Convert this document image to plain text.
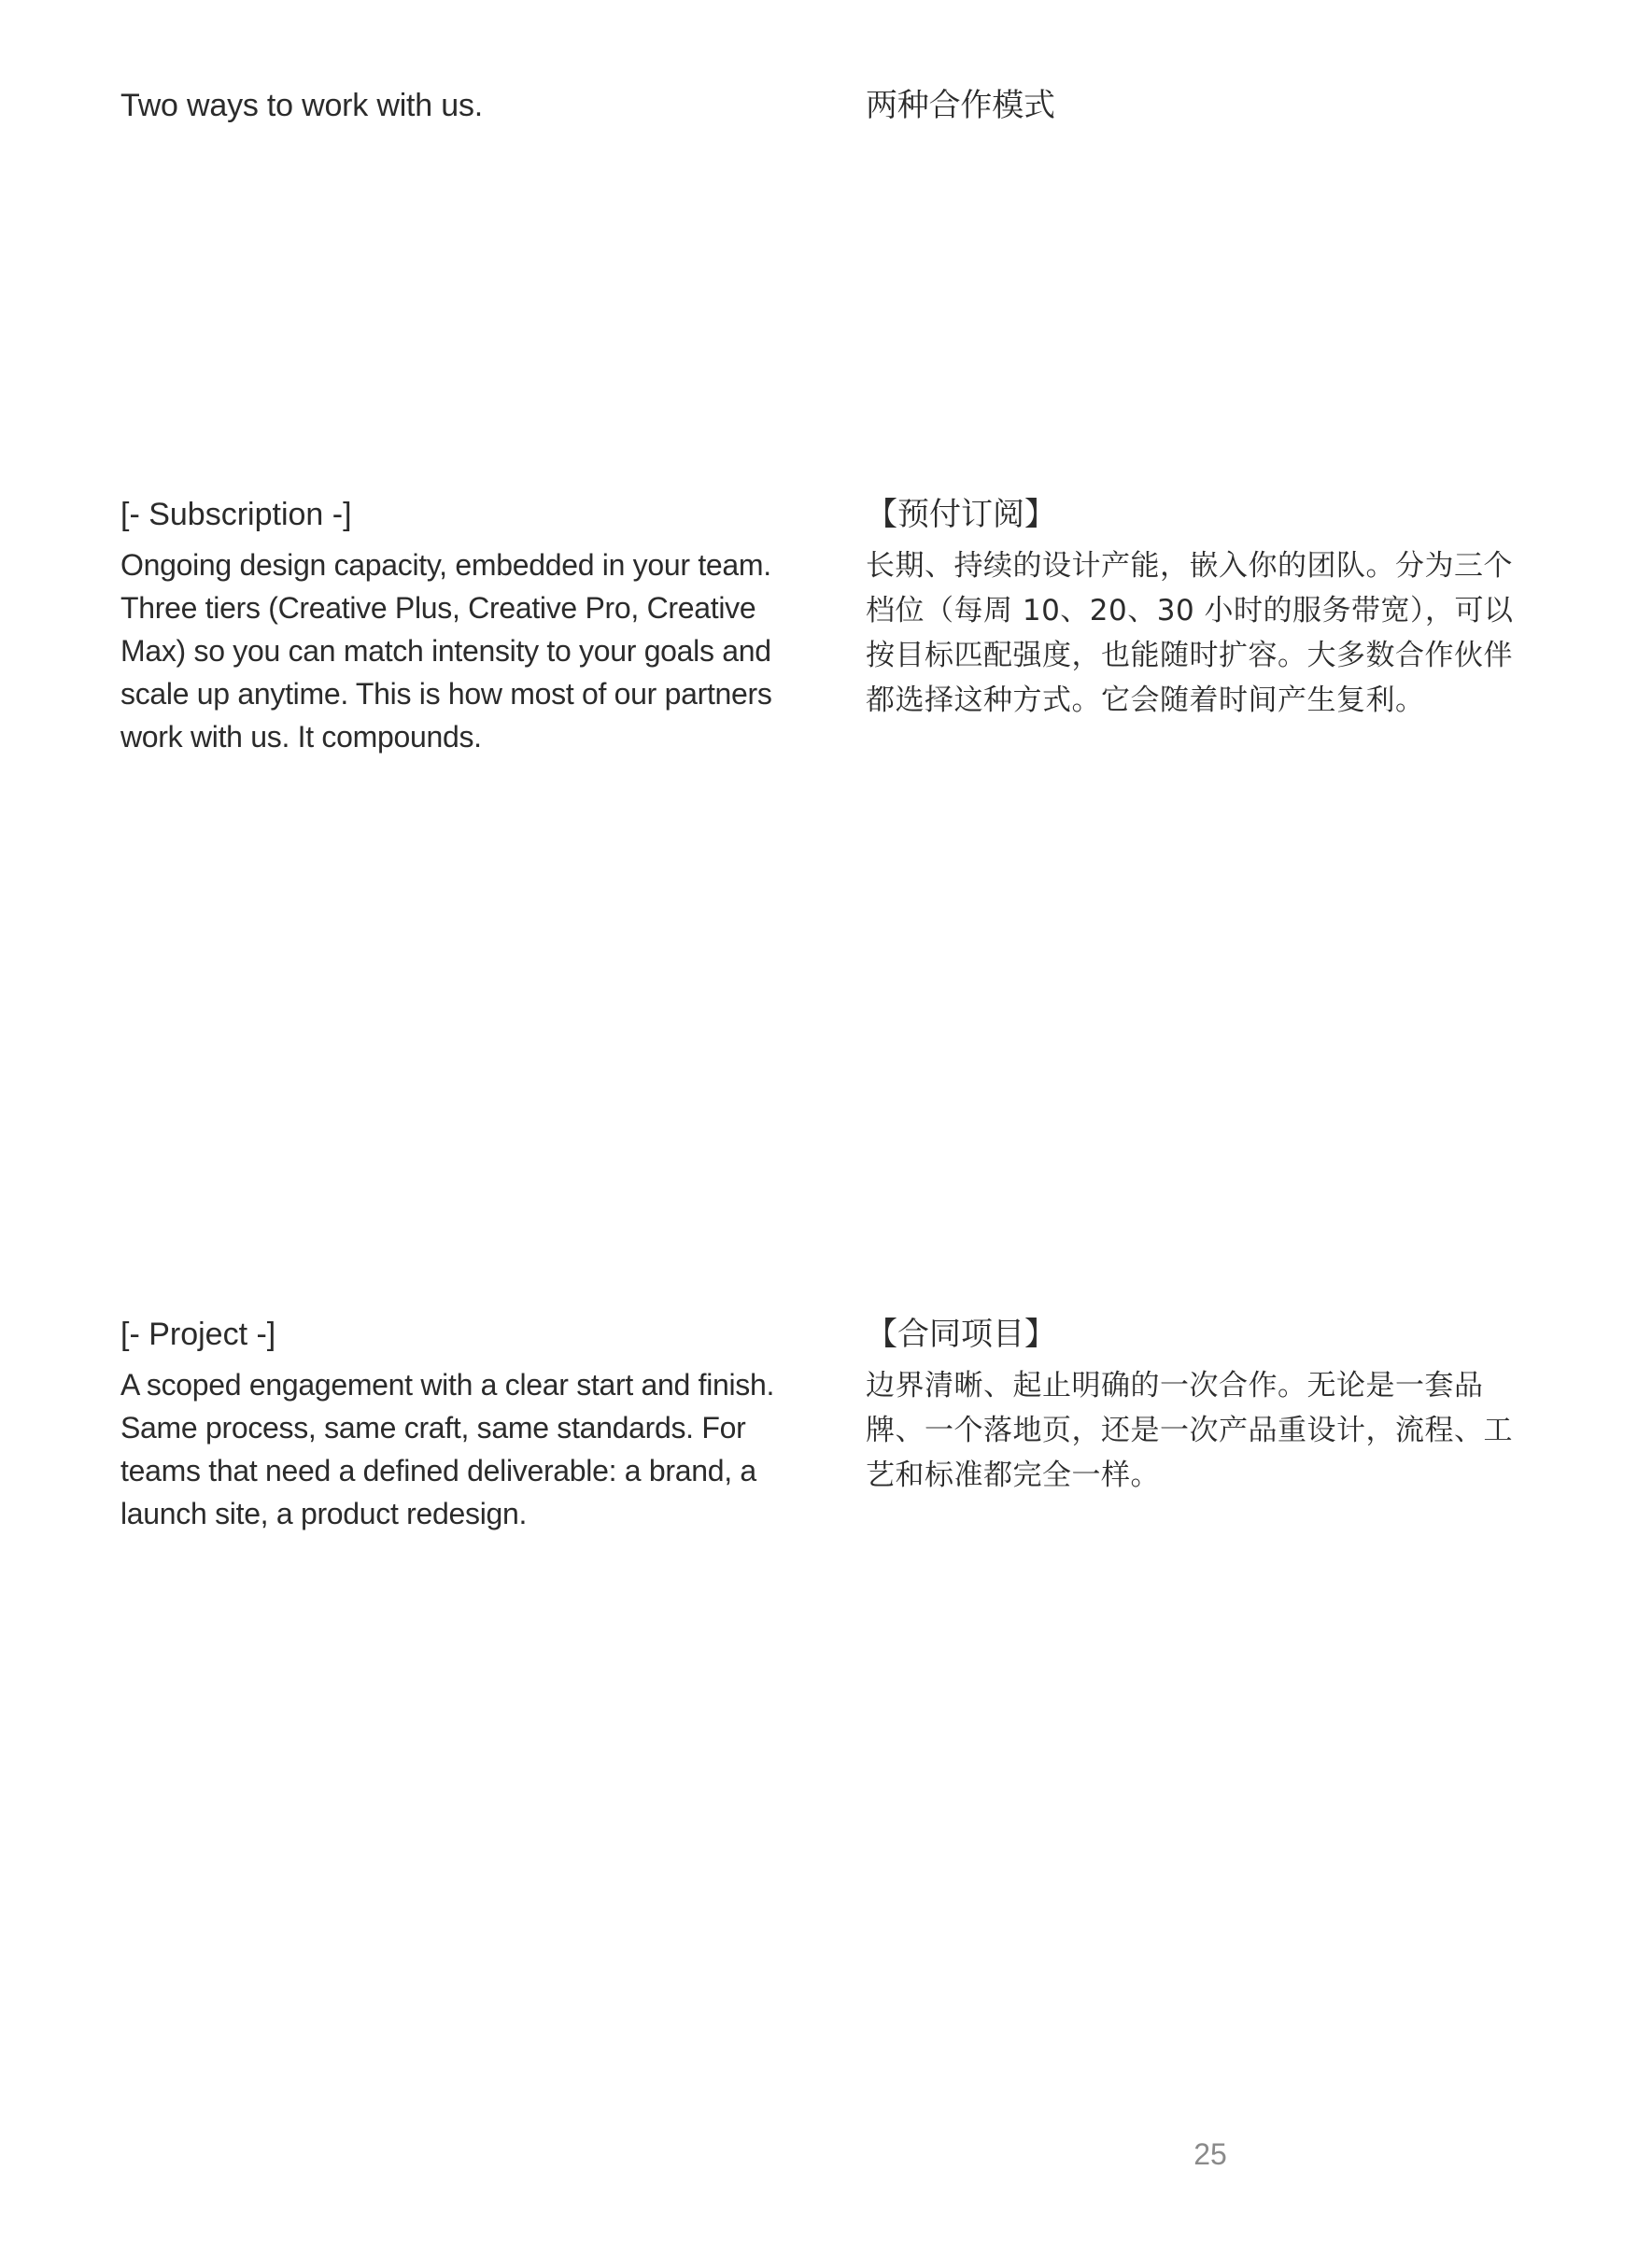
Two ways to work with us.	两种合作模式
[- Subscription -]

Ongoing design capacity, embedded in your team. Three tiers (Creative Plus, Creative Pro, Creative Max) so you can match intensity to your goals and scale up anytime. This is how most of our partners work with us. It compounds.

【预付订阅】

长期、持续的设计产能，嵌入你的团队。分为三个档位（每周 10、20、30 小时的服务带宽），可以按目标匹配强度，也能随时扩容。大多数合作伙伴都选择这种方式。它会随着时间产生复利。

[- Project -]

A scoped engagement with a clear start and finish. Same process, same craft, same standards. For teams that need a defined deliverable: a brand, a launch site, a product redesign.

【合同项目】

边界清晰、起止明确的一次合作。无论是一套品牌、一个落地页，还是一次产品重设计，流程、工艺和标准都完全一样。

25
